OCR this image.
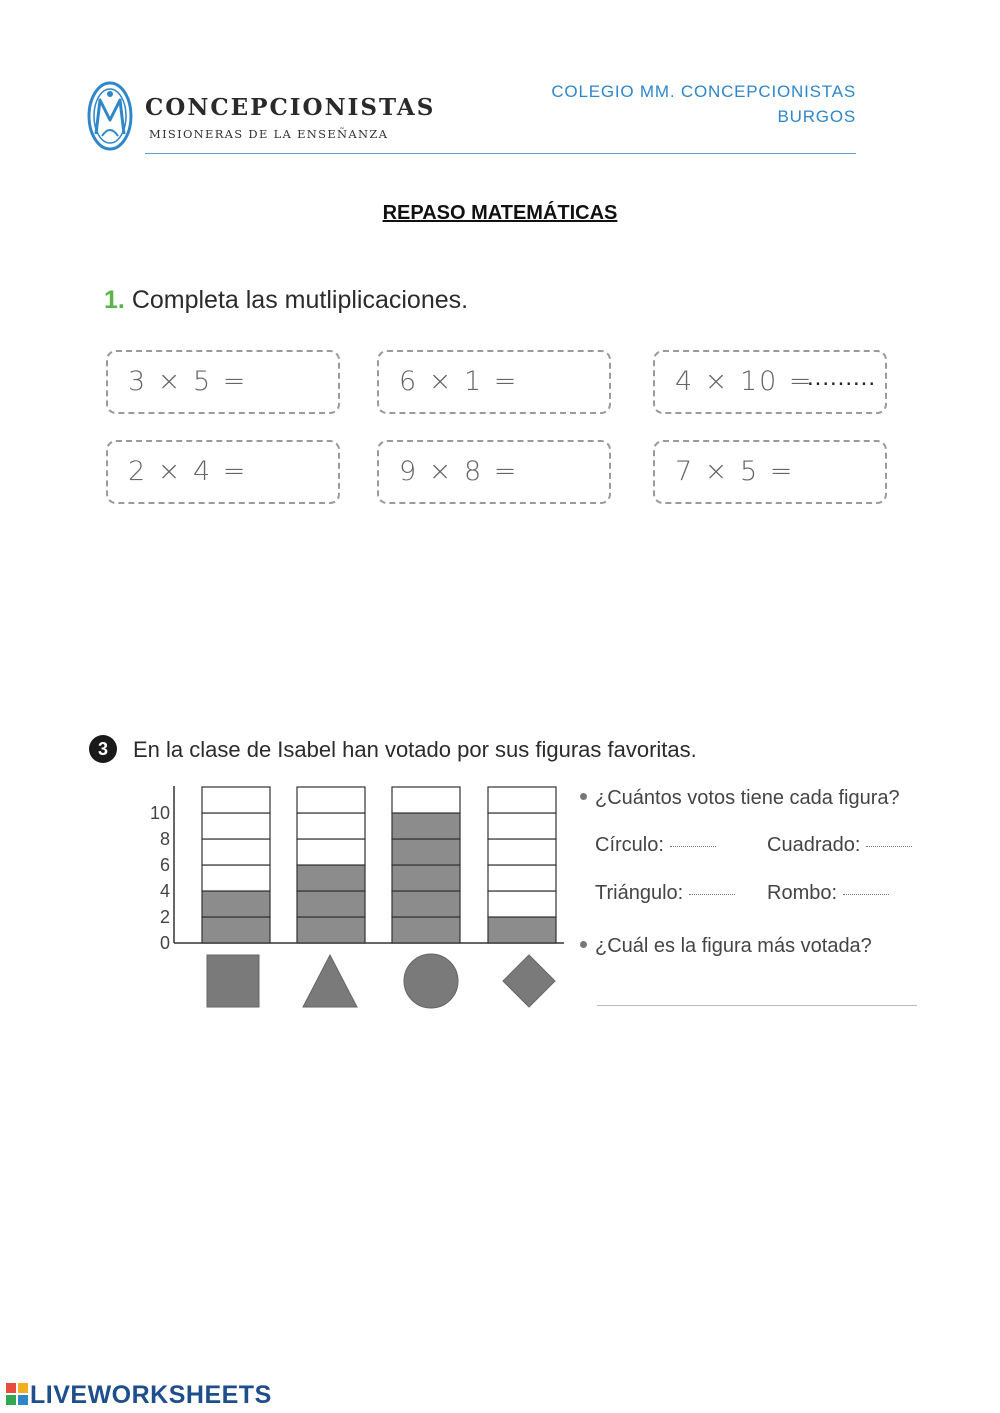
CONCEPCIONISTAS
MISIONERAS DE LA ENSEÑANZA
COLEGIO MM. CONCEPCIONISTAS
BURGOS
REPASO MATEMÁTICAS
1. Completa las mutliplicaciones.
3 × 5 =	6 × 1 =	4 × 10 =
.........
2 × 4 =	9 × 8 =	7 × 5 =
3	En la clase de Isabel han votado por sus figuras favoritas.
0
2
4
6
8
10
¿Cuántos votos tiene cada figura?
Círculo:	Cuadrado:
Triángulo:	Rombo:
¿Cuál es la figura más votada?
LIVEWORKSHEETS
